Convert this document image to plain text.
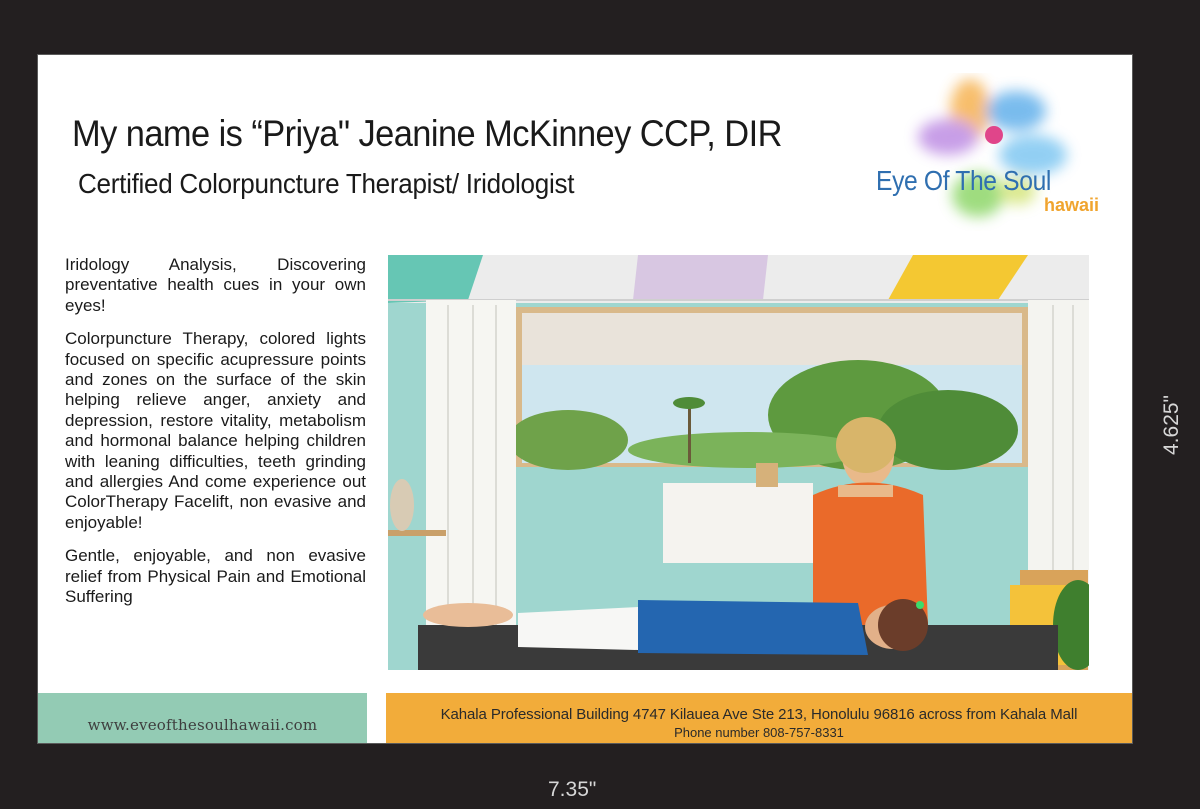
My name is “Priya" Jeanine McKinney CCP, DIR
Certified Colorpuncture Therapist/ Iridologist	Eye Of The Soul
hawaii

Iridology Analysis, Discovering preventative health cues in your own eyes!

Colorpuncture Therapy, colored lights focused on specific acupressure points and zones on the surface of the skin helping relieve anger, anxiety and depression, restore vitality, metabolism and hormonal balance helping children with leaning difficulties, teeth grinding and allergies And come experience out ColorTherapy Facelift, non evasive and enjoyable!

Gentle, enjoyable, and non evasive relief from Physical Pain and Emotional Suffering

www.eveofthesoulhawaii.com
Kahala Professional Building 4747 Kilauea Ave Ste 213, Honolulu 96816 across from Kahala Mall
Phone number 808-757-8331
7.35"
4.625"
